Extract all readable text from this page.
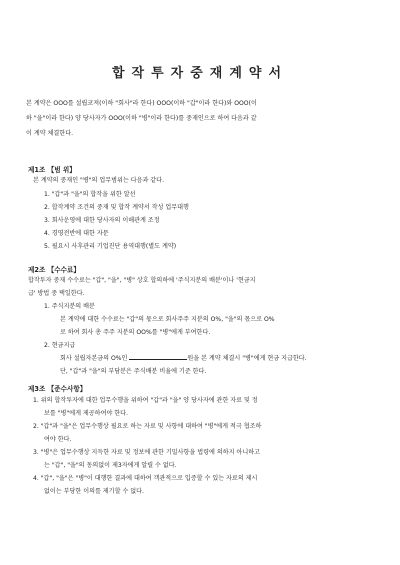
합작투자중재계약서
본 계약은 OOO를 설립코져(이하 "회사"라 한다) OOO(이하 "갑"이라 한다)와 OOO(이
하 "을"이라 한다) 양 당사자가 OOO(이하 "병"이라 한다)를 중재인으로 하여 다음과 같
이 계약 체결한다.
제1조 【범 위】
본 계약의 중재인 "병"의 업무범위는 다음과 같다.
1. "갑"과 "을"의 합작을 위한 알선
2. 합작계약 조건의 중재 및 합작 계약서 작성 업무대행
3. 회사운영에 대한 당사자의 이해관계 조정
4. 경영전반에 대한 자문
5. 필요시 사후관리 기업진단 용역대행(별도 계약)
제2조 【수수료】
합작투자 중재 수수료는 "갑", "을", "병" 상호 합의하에 '주식지분의 배분'이나 '현금지
급' 방법 중 택일한다.
1. 주식지분의 배분
본 계약에 대한 수수료는 "갑"의 몫으로 회사주주 지분의 O%, "을"의 몫으로 O%
로 하여 회사 총 주주 지분의 OO%를 "병"에게 부여한다.
2. 현금지급
회사 설립자본금의 O%인	원을 본 계약 체결시 "병"에게 현금 지급한다.
단, "갑"과 "을"의 부담분은 주식배분 비율에 기준 한다.
제3조 【준수사항】
1. 위의 합작투자에 대한 업무수행을 위하여 "갑"과 "을" 양 당사자에 관한 자료 및 정
보를 "병"에게 제공하여야 한다.
2. "갑"과 "을"은 업무수행상 필요로 하는 자료 및 사항에 대하여 "병"에게 적극 협조하
여야 한다.
3. "병"은 업무수행상 지득한 자료 및 정보에 관한 기밀사항을 법령에 의하지 아니하고
는 "갑", "을"의 동의없이 제3자에게 알릴 수 없다.
4. "갑", "을"은 "병"이 대행한 결과에 대하여 객관적으로 입증할 수 있는 자료의 제시
없이는 부당한 이의를 제기할 수 없다.
